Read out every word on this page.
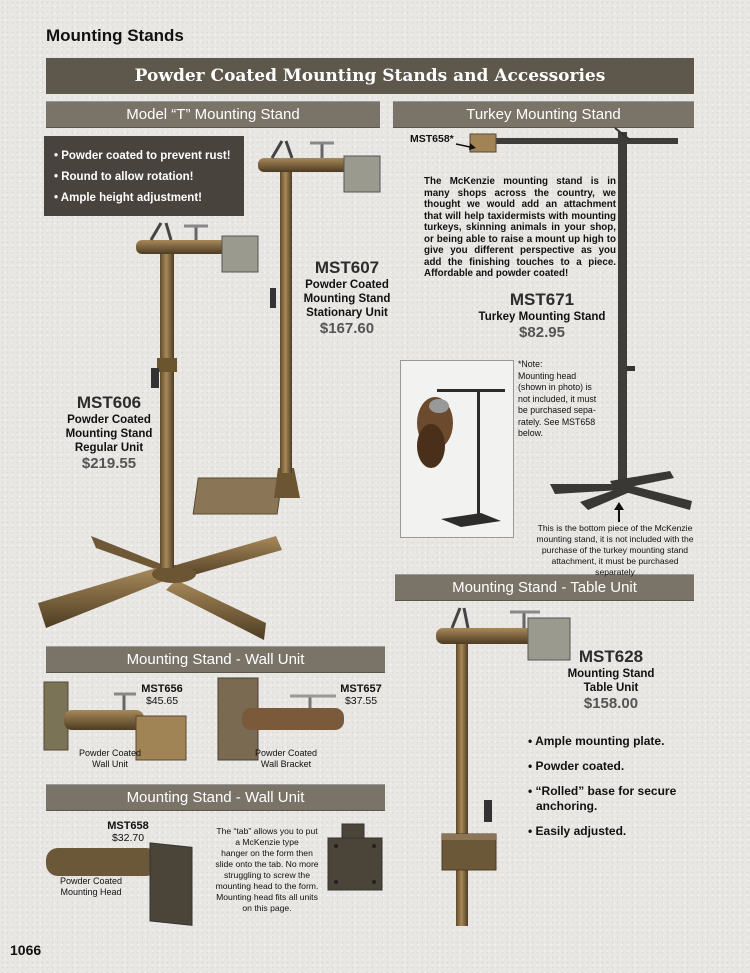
Mounting Stands
Powder Coated Mounting Stands and Accessories
Model “T” Mounting Stand	Turkey Mounting Stand
Mounting Stand - Wall Unit
Mounting Stand - Wall Unit
Mounting Stand - Table Unit
• Powder coated to prevent rust!
• Round to allow rotation!
• Ample height adjustment!
MST607
Powder Coated
Mounting Stand
Stationary Unit
$167.60
MST606
Powder Coated
Mounting Stand
Regular Unit
$219.55
MST658*
The McKenzie mounting stand is in many shops across the country, we thought we would add an attachment that will help taxidermists with mounting turkeys, skinning animals in your shop, or being able to raise a mount up high to give you different perspective as you add the finishing touches to a piece. Affordable and powder coated!
MST671
Turkey Mounting Stand
$82.95
*Note:
Mounting head
(shown in photo) is
not included, it must
be purchased sepa-
rately. See MST658
below.
This is the bottom piece of the McKenzie
mounting stand, it is not included with the
purchase of the turkey mounting stand
attachment, it must be purchased separately
MST656
$45.65
Powder Coated
Wall Unit
MST657
$37.55
Powder Coated
Wall Bracket
MST658
$32.70
Powder Coated
Mounting Head
The “tab” allows you to put
a McKenzie type
hanger on the form then
slide onto the tab. No more
struggling to screw the
mounting head to the form.
Mounting head fits all units
on this page.
MST628
Mounting Stand
Table Unit
$158.00
• Ample mounting plate.
• Powder coated.
• “Rolled” base for secure
anchoring.
• Easily adjusted.
1066
